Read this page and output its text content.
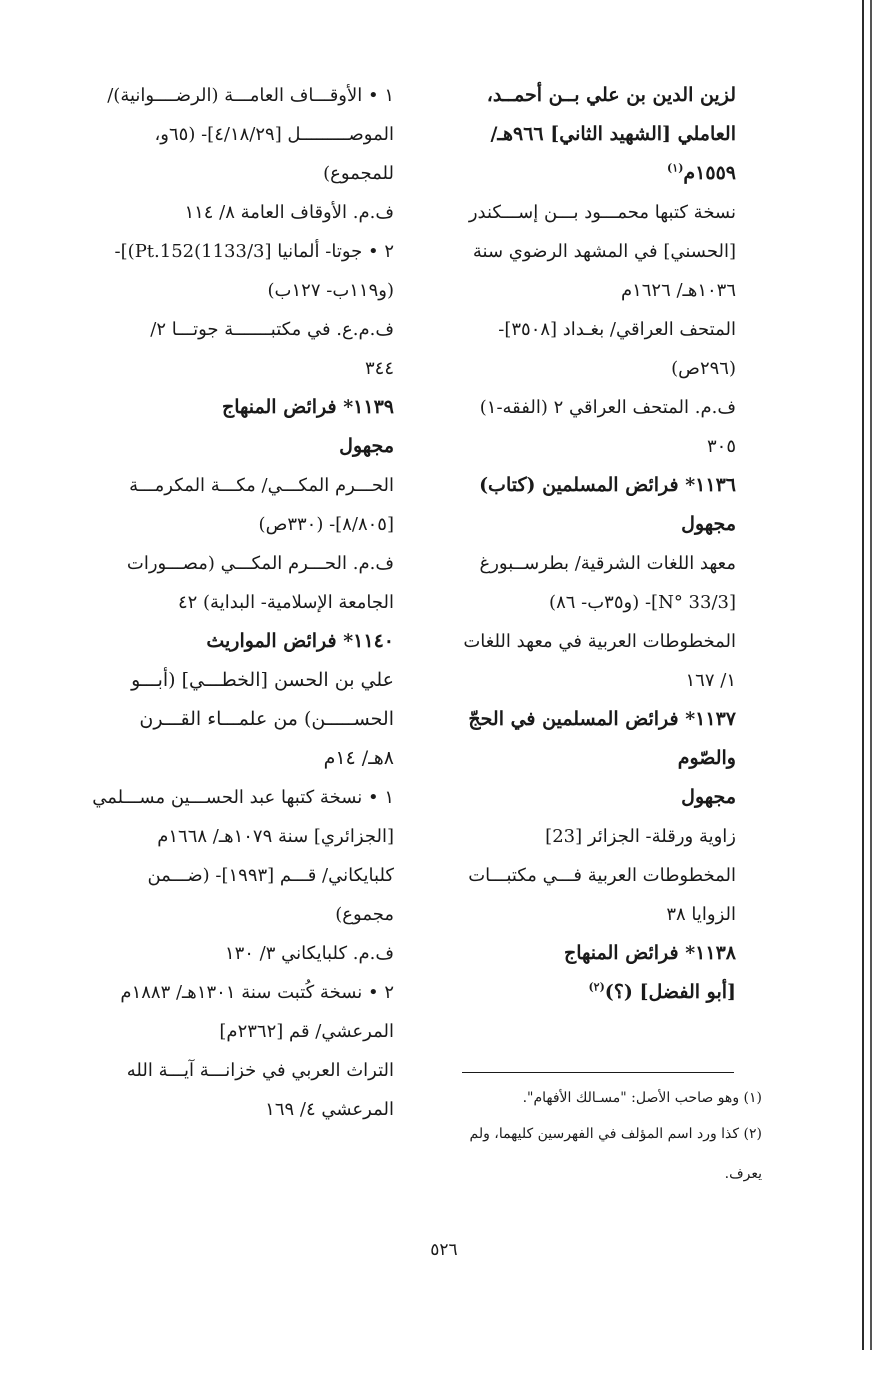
لزين الدين بن علي بــن أحمــد،
العاملي [الشهيد الثاني] ٩٦٦هـ/
١٥٥٩م$^{(١)}$
نسخة كتبها محمـــود بـــن إســـكندر
[الحسني] في المشهد الرضوي سنة
١٠٣٦هـ/ ١٦٢٦م
المتحف العراقي/ بغـداد [٣٥٠٨]-
(٢٩٦ص)
ف.م. المتحف العراقي ٢ (الفقه-١)
٣٠٥
١١٣٦* فرائض المسلمين (كتاب)
مجهول
معهد اللغات الشرقية/ بطرســبورغ
[N° 33/3]- (و٣٥ب- ٨٦)
المخطوطات العربية في معهد اللغات
١/ ١٦٧
١١٣٧* فرائض المسلمين في الحجّ
والصّوم
مجهول
زاوية ورقلة- الجزائر [23]
المخطوطات العربية فـــي مكتبـــات
الزوايا ٣٨
١١٣٨* فرائض المنهاج
[أبو الفضل] (؟)$^{(٢)}$
١ • الأوقـــاف العامـــة (الرضــــوانية)/
الموصـــــــــل [٤/١٨/٢٩]- (٦٥و،
للمجموع)
ف.م. الأوقاف العامة ٨/ ١١٤
٢ • جوتا- ألمانيا [1133/3)Pt.152)]-
(و١١٩ب- ١٢٧ب)
ف.م.ع. في مكتبـــــــة جوتـــا ٢/
٣٤٤
١١٣٩* فرائض المنهاج
مجهول
الحـــرم المكـــي/ مكـــة المكرمـــة
[٨/٨٠٥]- (٣٣٠ص)
ف.م. الحـــرم المكـــي (مصـــورات
الجامعة الإسلامية- البداية) ٤٢
١١٤٠* فرائض المواريث
علي بن الحسن [الخطـــي] (أبـــو
الحســـــن) من علمـــاء القـــرن
٨هـ/ ١٤م
١ • نسخة كتبها عبد الحســـين مســـلمي
[الجزائري] سنة ١٠٧٩هـ/ ١٦٦٨م
كلبايكاني/ قـــم [١٩٩٣]- (ضـــمن
مجموع)
ف.م. كلبايكاني ٣/ ١٣٠
٢ • نسخة كُتبت سنة ١٣٠١هـ/ ١٨٨٣م
المرعشي/ قم [٢٣٦٢م]
التراث العربي في خزانـــة آيـــة الله
المرعشي ٤/ ١٦٩
(١) وهو صاحب الأصل: "مسـالك الأفهام".
(٢) كذا ورد اسم المؤلف في الفهرسين كليهما، ولم
يعرف.
٥٢٦
